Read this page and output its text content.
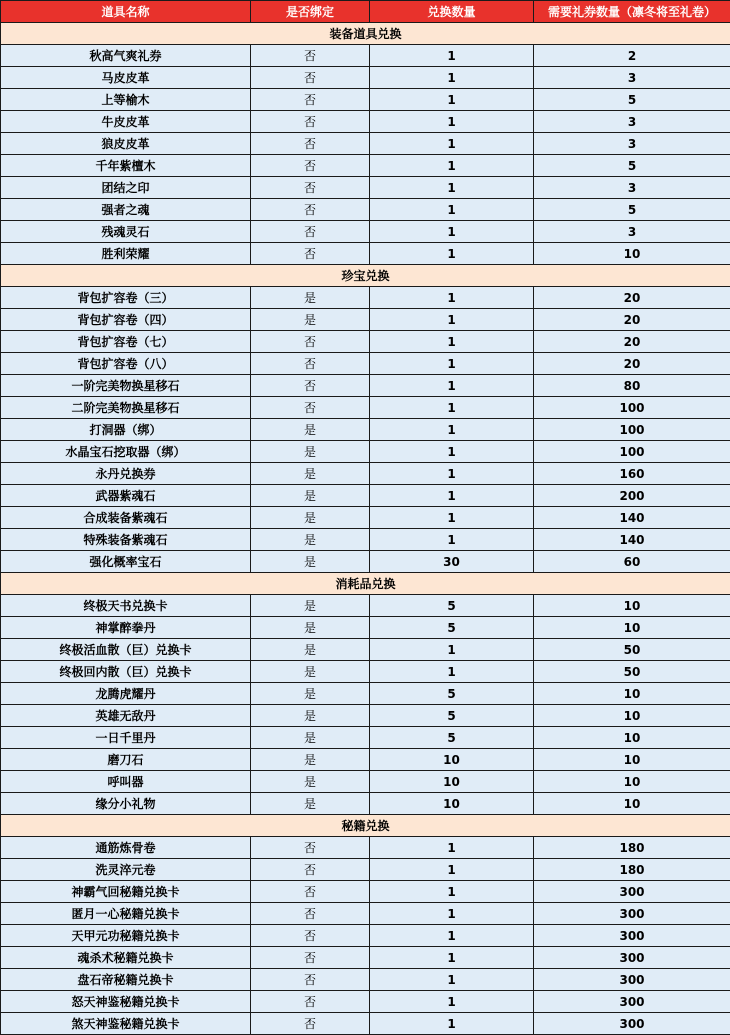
道具名称	是否绑定	兑换数量	需要礼券数量（凛冬将至礼卷）
装备道具兑换			
秋高气爽礼券	否	1	2
马皮皮革	否	1	3
上等榆木	否	1	5
牛皮皮革	否	1	3
狼皮皮革	否	1	3
千年紫檀木	否	1	5
团结之印	否	1	3
强者之魂	否	1	5
残魂灵石	否	1	3
胜利荣耀	否	1	10
珍宝兑换			
背包扩容卷（三）	是	1	20
背包扩容卷（四）	是	1	20
背包扩容卷（七）	否	1	20
背包扩容卷（八）	否	1	20
一阶完美物换星移石	否	1	80
二阶完美物换星移石	否	1	100
打洞器（绑）	是	1	100
水晶宝石挖取器（绑）	是	1	100
永丹兑换券	是	1	160
武器紫魂石	是	1	200
合成装备紫魂石	是	1	140
特殊装备紫魂石	是	1	140
强化概率宝石	是	30	60
消耗品兑换			
终极天书兑换卡	是	5	10
神掌醉拳丹	是	5	10
终极活血散（巨）兑换卡	是	1	50
终极回内散（巨）兑换卡	是	1	50
龙腾虎耀丹	是	5	10
英雄无敌丹	是	5	10
一日千里丹	是	5	10
磨刀石	是	10	10
呼叫器	是	10	10
缘分小礼物	是	10	10
秘籍兑换			
通筋炼骨卷	否	1	180
洗灵淬元卷	否	1	180
神霸气回秘籍兑换卡	否	1	300
匿月一心秘籍兑换卡	否	1	300
天甲元功秘籍兑换卡	否	1	300
魂杀术秘籍兑换卡	否	1	300
盘石帝秘籍兑换卡	否	1	300
怒天神鉴秘籍兑换卡	否	1	300
煞天神鉴秘籍兑换卡	否	1	300
